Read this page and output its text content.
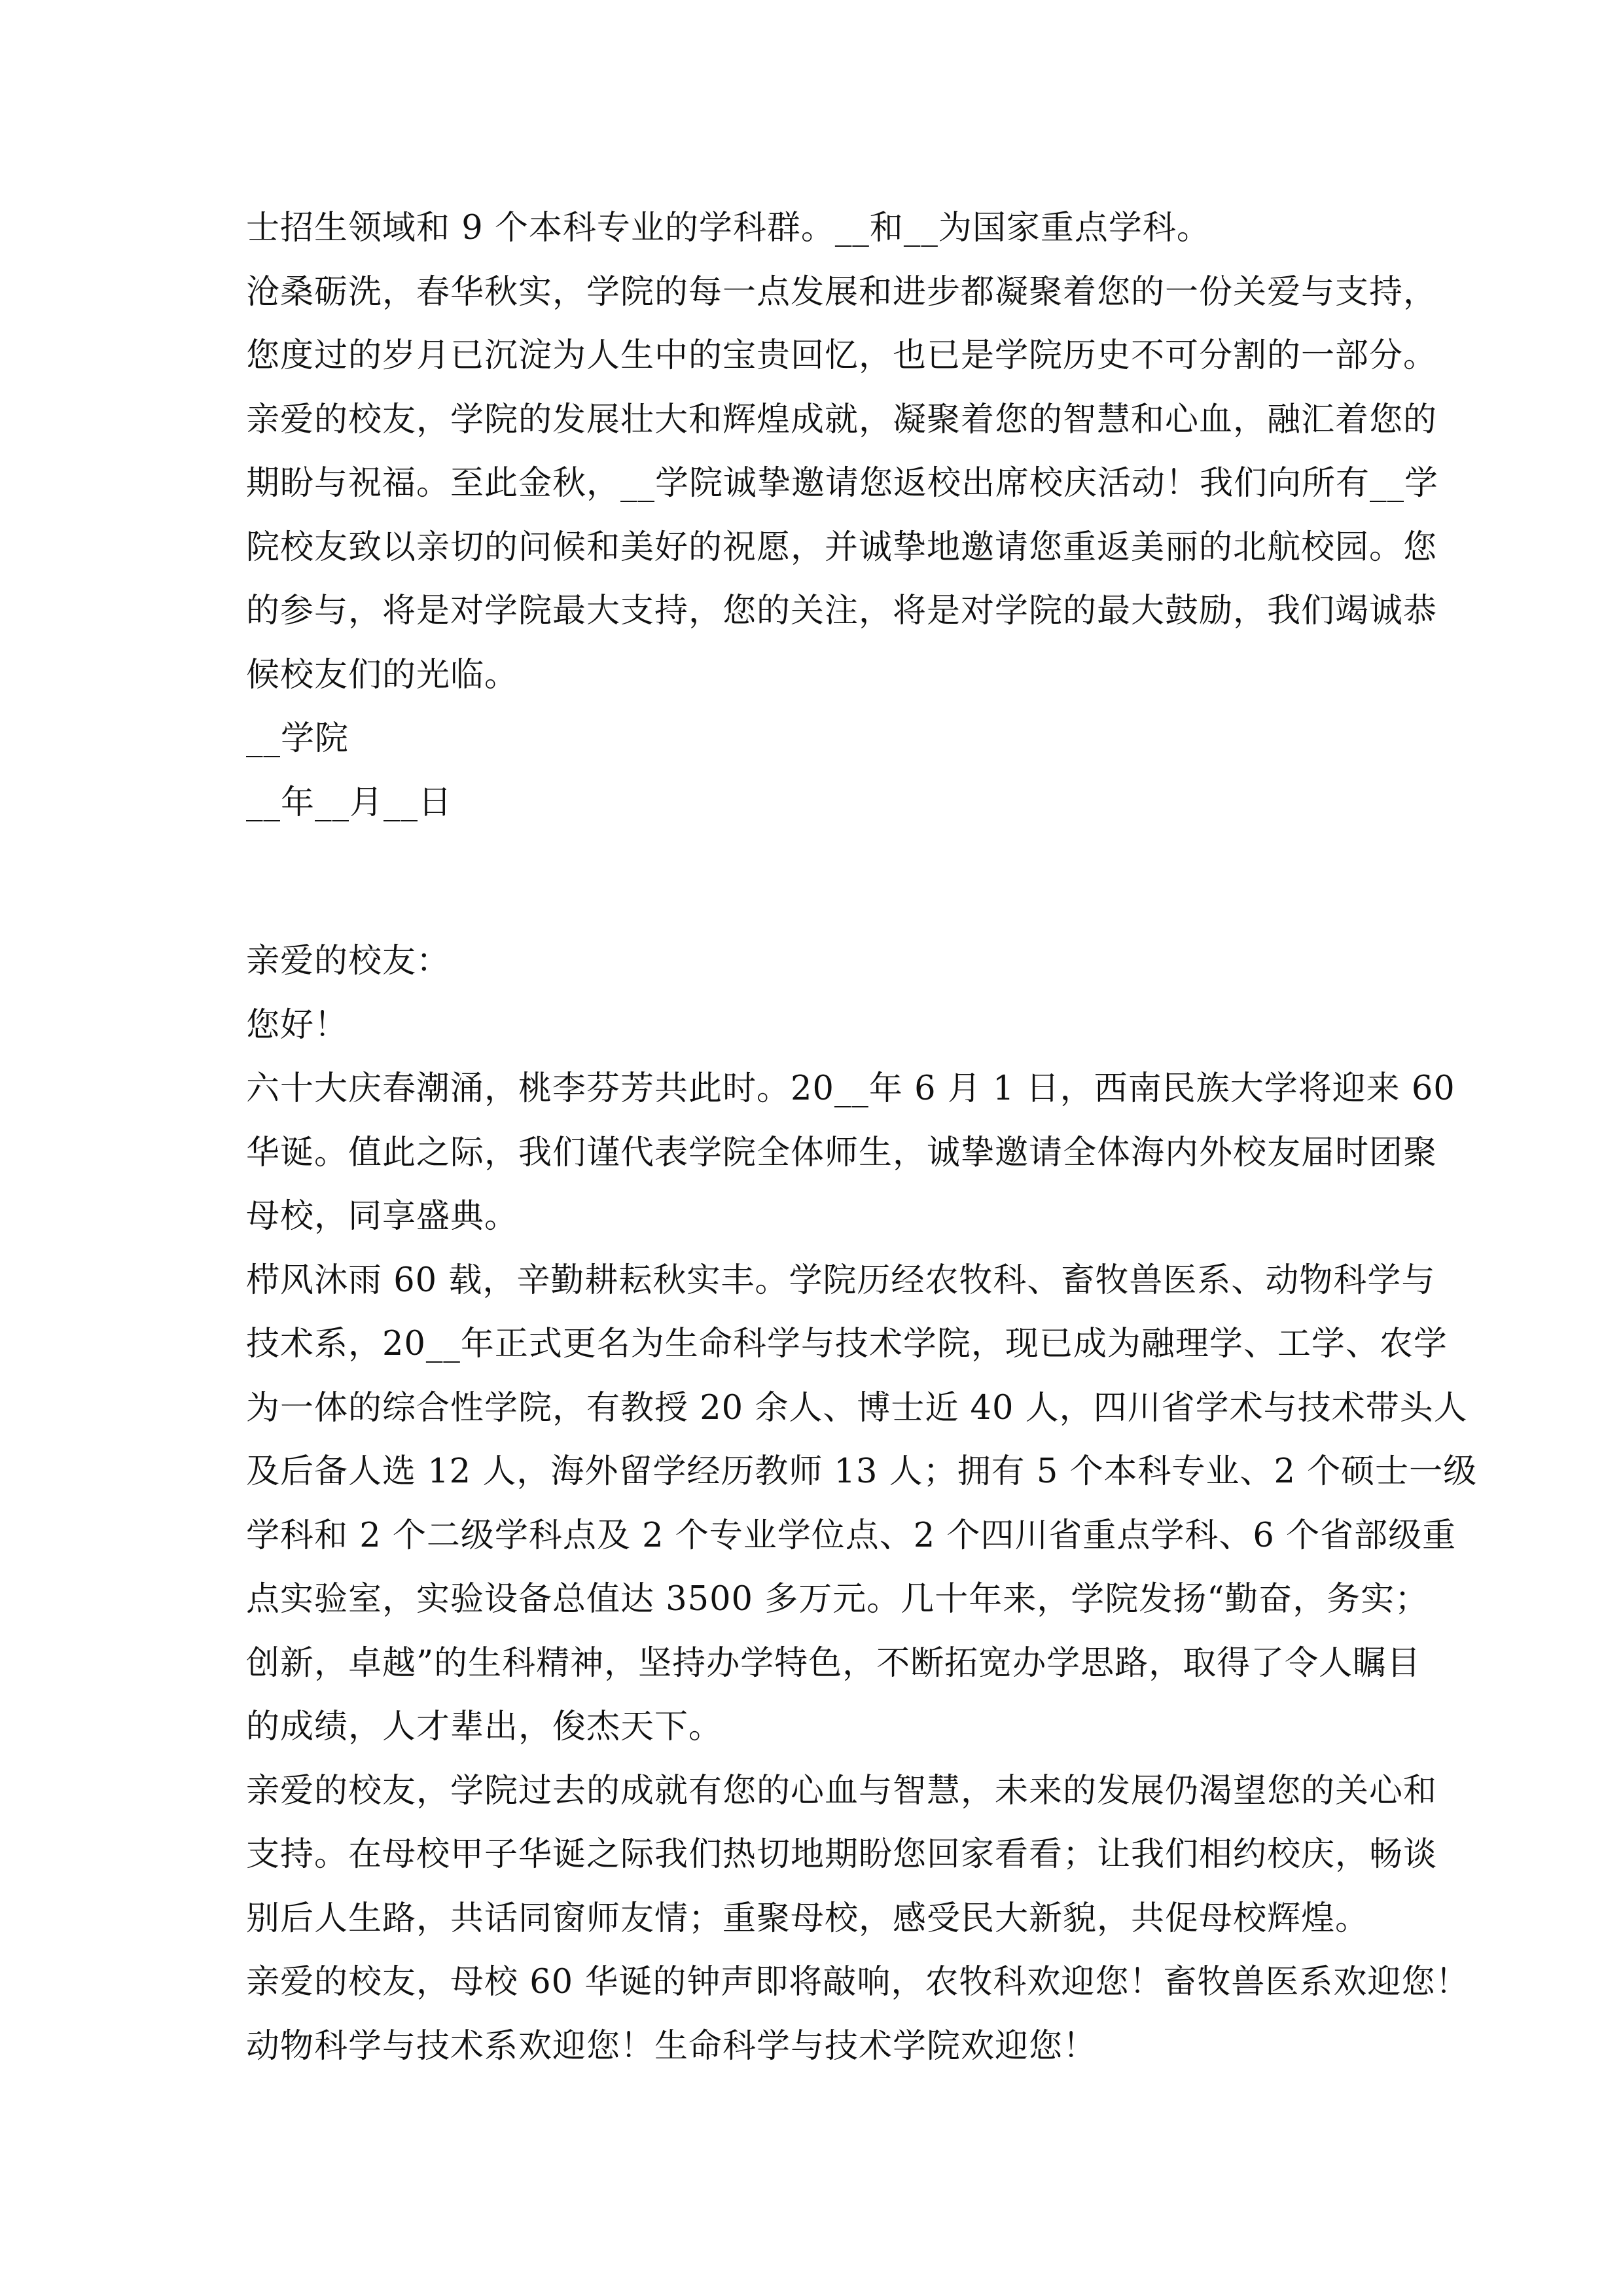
士招生领域和 9 个本科专业的学科群。__和__为国家重点学科。
沧桑砺洗，春华秋实，学院的每一点发展和进步都凝聚着您的一份关爱与支持，
您度过的岁月已沉淀为人生中的宝贵回忆，也已是学院历史不可分割的一部分。
亲爱的校友，学院的发展壮大和辉煌成就，凝聚着您的智慧和心血，融汇着您的
期盼与祝福。至此金秋，__学院诚挚邀请您返校出席校庆活动！我们向所有__学
院校友致以亲切的问候和美好的祝愿，并诚挚地邀请您重返美丽的北航校园。您
的参与，将是对学院最大支持，您的关注，将是对学院的最大鼓励，我们竭诚恭
候校友们的光临。
__学院
__年__月__日
亲爱的校友：
您好！
六十大庆春潮涌，桃李芬芳共此时。20__年 6 月 1 日，西南民族大学将迎来 60
华诞。值此之际，我们谨代表学院全体师生，诚挚邀请全体海内外校友届时团聚
母校，同享盛典。
栉风沐雨 60 载，辛勤耕耘秋实丰。学院历经农牧科、畜牧兽医系、动物科学与
技术系，20__年正式更名为生命科学与技术学院，现已成为融理学、工学、农学
为一体的综合性学院，有教授 20 余人、博士近 40 人，四川省学术与技术带头人
及后备人选 12 人，海外留学经历教师 13 人；拥有 5 个本科专业、2 个硕士一级
学科和 2 个二级学科点及 2 个专业学位点、2 个四川省重点学科、6 个省部级重
点实验室，实验设备总值达 3500 多万元。几十年来，学院发扬“勤奋，务实；
创新，卓越”的生科精神，坚持办学特色，不断拓宽办学思路，取得了令人瞩目
的成绩，人才辈出，俊杰天下。
亲爱的校友，学院过去的成就有您的心血与智慧，未来的发展仍渴望您的关心和
支持。在母校甲子华诞之际我们热切地期盼您回家看看；让我们相约校庆，畅谈
别后人生路，共话同窗师友情；重聚母校，感受民大新貌，共促母校辉煌。
亲爱的校友，母校 60 华诞的钟声即将敲响，农牧科欢迎您！畜牧兽医系欢迎您！
动物科学与技术系欢迎您！生命科学与技术学院欢迎您！
